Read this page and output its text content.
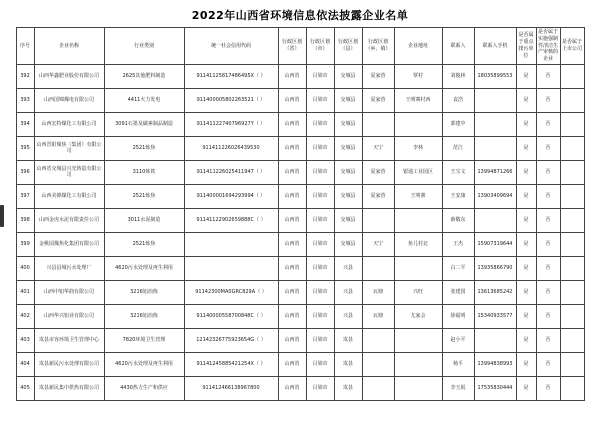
2022年山西省环境信息依法披露企业名单
序号	企业名称	行业类别	统一社会信用代码	行政区划（省）	行政区划（市）	行政区划（县）	行政区划（乡、镇）	企业地址	联系人	联系人手机	是否属于重点排污单位	是否属于实施强制性清洁生产审核的企业	是否属于上市公司
392	山西华鑫肥业股份有限公司	2625其他肥料制造	91141125817486495X（ ）	山西省	吕梁市	交城县	夏家营	覃村	刘俊林	18035899553	是	否	
393	山西国锦煤电有限公司	4411火力发电	911400005802263521（ ）	山西省	吕梁市	交城县	夏家营	王明寨村西	袁浩		是	否	
394	山西宏特煤化工有限公司	3091石墨及碳素制品制造	91141122740796927Y（ ）	山西省	吕梁市	交城县			郭建中		是	否	
395	山西晋阳煤焦（集团）有限公司	2521炼焦	911411226026439530	山西省	吕梁市	交城县	天宁	李林	范江		是	否	
396	山西省交城县兴光铸造有限公司	3110炼铁	911411226025411947（ ）	山西省	吕梁市	交城县	夏家营	银通工业园区	王宝文	13994871266	是	否	
397	山西美锦煤化工有限公司	2521炼焦	911400001694293994（ ）	山西省	吕梁市	交城县	夏家营	王明寨	王安康	13903409694	是	否	
398	山西金虎水泥有限责任公司	3011水泥制造	91141122902659888C（ ）	山西省	吕梁市	交城县			薛敬东		是	否	
399	金桃园煤焦化集团有限公司	2521炼焦		山西省	吕梁市	交城县	天宁	鱼儿村北	王杰	15907319644	是	否	
400	兴县县城污水处理厂	4620污水处理及再生利用		山西省	吕梁市	兴县			白二平	13935866790	是	否	
401	山西中铝华润有限公司	3216铝冶炼	91142300MA0GRC829A（ ）	山西省	吕梁市	兴县	瓦塘	兴旺	张建国	13613685242	是	否	
402	山西华兴铝业有限公司	3216铝冶炼	91140000558700848C（ ）	山西省	吕梁市	兴县	瓦塘	尤家会	徐福明	15340933577	是	否	
403	岚县市容环境卫生管理中心	7820环境卫生管理	12142326775923654G（ ）	山西省	吕梁市	岚县			赵小平		是	否	
404	岚县新民污水处理有限公司	4620污水处理及再生利用	91141245885421254X（ ）	山西省	吕梁市	岚县			杨平	13994838993	是	否	
405	岚县新民集中供热有限公司	4430热力生产和供应	911412466138967800	山西省	吕梁市	岚县			李玉珉	17535830444	是	否	
